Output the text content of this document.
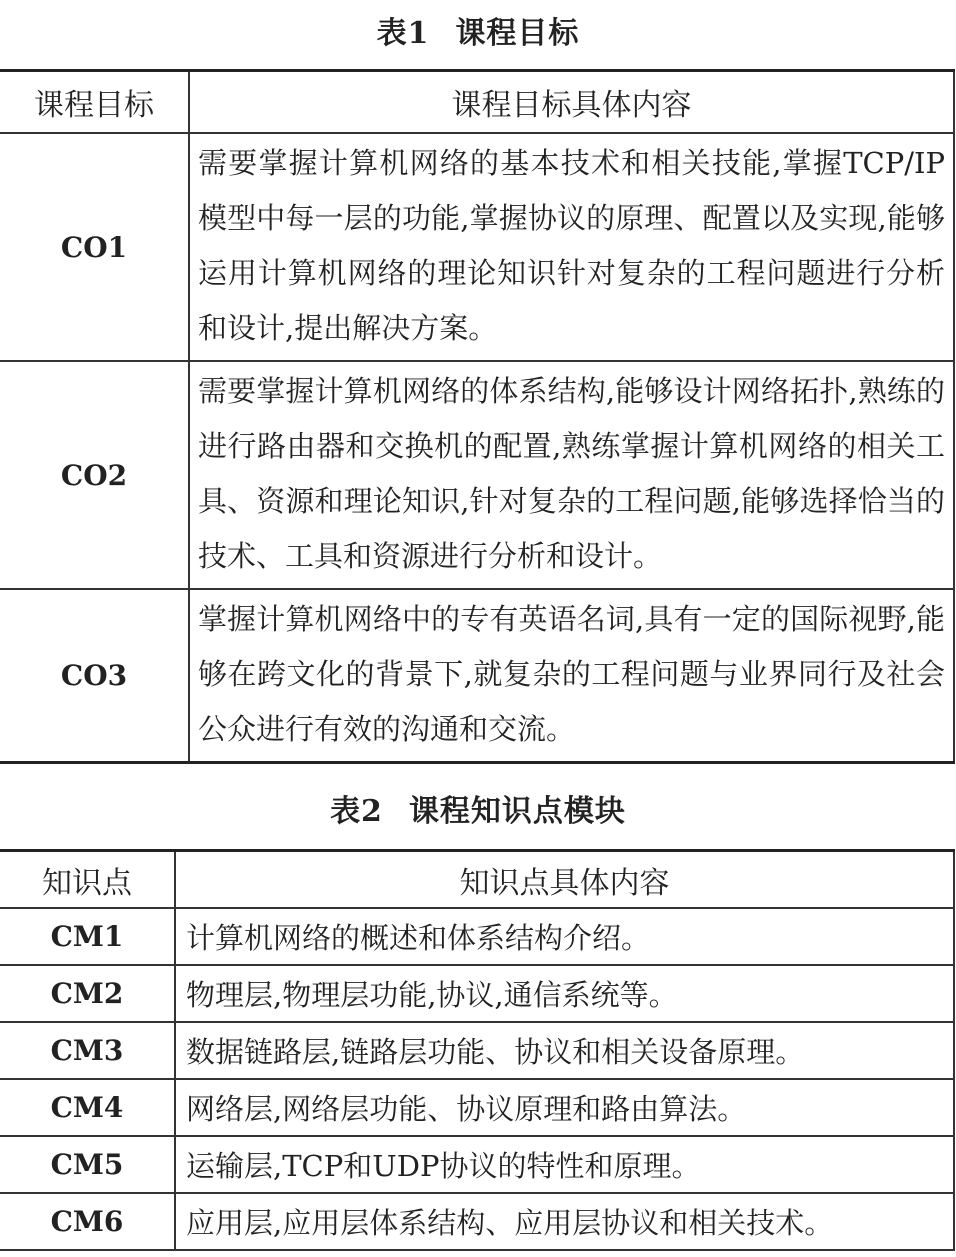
表1 课程目标
课程目标	课程目标具体内容
CO1	需要掌握计算机网络的基本技术和相关技能,掌握TCP/IP 模型中每一层的功能,掌握协议的原理、配置以及实现,能够运用计算机网络的理论知识针对复杂的工程问题进行分析和设计,提出解决方案。
CO2	需要掌握计算机网络的体系结构,能够设计网络拓扑,熟练的进行路由器和交换机的配置,熟练掌握计算机网络的相关工具、资源和理论知识,针对复杂的工程问题,能够选择恰当的技术、工具和资源进行分析和设计。
CO3	掌握计算机网络中的专有英语名词,具有一定的国际视野,能够在跨文化的背景下,就复杂的工程问题与业界同行及社会公众进行有效的沟通和交流。
表2 课程知识点模块
知识点	知识点具体内容
CM1	计算机网络的概述和体系结构介绍。
CM2	物理层,物理层功能,协议,通信系统等。
CM3	数据链路层,链路层功能、协议和相关设备原理。
CM4	网络层,网络层功能、协议原理和路由算法。
CM5	运输层,TCP和UDP协议的特性和原理。
CM6	应用层,应用层体系结构、应用层协议和相关技术。
